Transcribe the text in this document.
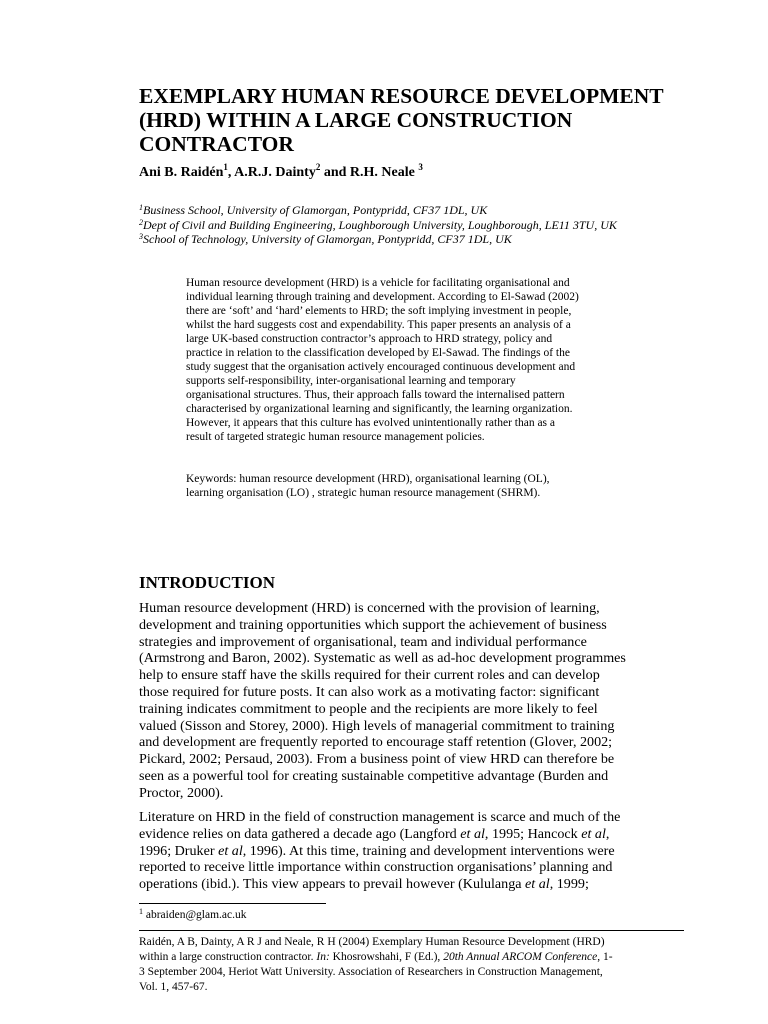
EXEMPLARY HUMAN RESOURCE DEVELOPMENT
(HRD) WITHIN A LARGE CONSTRUCTION
CONTRACTOR
Ani B. Raidén$^1$, A.R.J. Dainty$^2$ and R.H. Neale $^3$
$^1$Business School, University of Glamorgan, Pontypridd, CF37 1DL, UK
$^2$Dept of Civil and Building Engineering, Loughborough University, Loughborough, LE11 3TU, UK
$^3$School of Technology, University of Glamorgan, Pontypridd, CF37 1DL, UK
Human resource development (HRD) is a vehicle for facilitating organisational and
individual learning through training and development. According to El-Sawad (2002)
there are ‘soft’ and ‘hard’ elements to HRD; the soft implying investment in people,
whilst the hard suggests cost and expendability. This paper presents an analysis of a
large UK-based construction contractor’s approach to HRD strategy, policy and
practice in relation to the classification developed by El-Sawad. The findings of the
study suggest that the organisation actively encouraged continuous development and
supports self-responsibility, inter-organisational learning and temporary
organisational structures. Thus, their approach falls toward the internalised pattern
characterised by organizational learning and significantly, the learning organization.
However, it appears that this culture has evolved unintentionally rather than as a
result of targeted strategic human resource management policies.
Keywords: human resource development (HRD), organisational learning (OL),
learning organisation (LO) , strategic human resource management (SHRM).
INTRODUCTION
Human resource development (HRD) is concerned with the provision of learning,
development and training opportunities which support the achievement of business
strategies and improvement of organisational, team and individual performance
(Armstrong and Baron, 2002). Systematic as well as ad-hoc development programmes
help to ensure staff have the skills required for their current roles and can develop
those required for future posts. It can also work as a motivating factor: significant
training indicates commitment to people and the recipients are more likely to feel
valued (Sisson and Storey, 2000). High levels of managerial commitment to training
and development are frequently reported to encourage staff retention (Glover, 2002;
Pickard, 2002; Persaud, 2003). From a business point of view HRD can therefore be
seen as a powerful tool for creating sustainable competitive advantage (Burden and
Proctor, 2000).
Literature on HRD in the field of construction management is scarce and much of the
evidence relies on data gathered a decade ago (Langford et al, 1995; Hancock et al,
1996; Druker et al, 1996). At this time, training and development interventions were
reported to receive little importance within construction organisations’ planning and
operations (ibid.). This view appears to prevail however (Kululanga et al, 1999;
$^1$ abraiden@glam.ac.uk
Raidén, A B, Dainty, A R J and Neale, R H (2004) Exemplary Human Resource Development (HRD)
within a large construction contractor. In: Khosrowshahi, F (Ed.), 20th Annual ARCOM Conference, 1-
3 September 2004, Heriot Watt University. Association of Researchers in Construction Management,
Vol. 1, 457-67.
